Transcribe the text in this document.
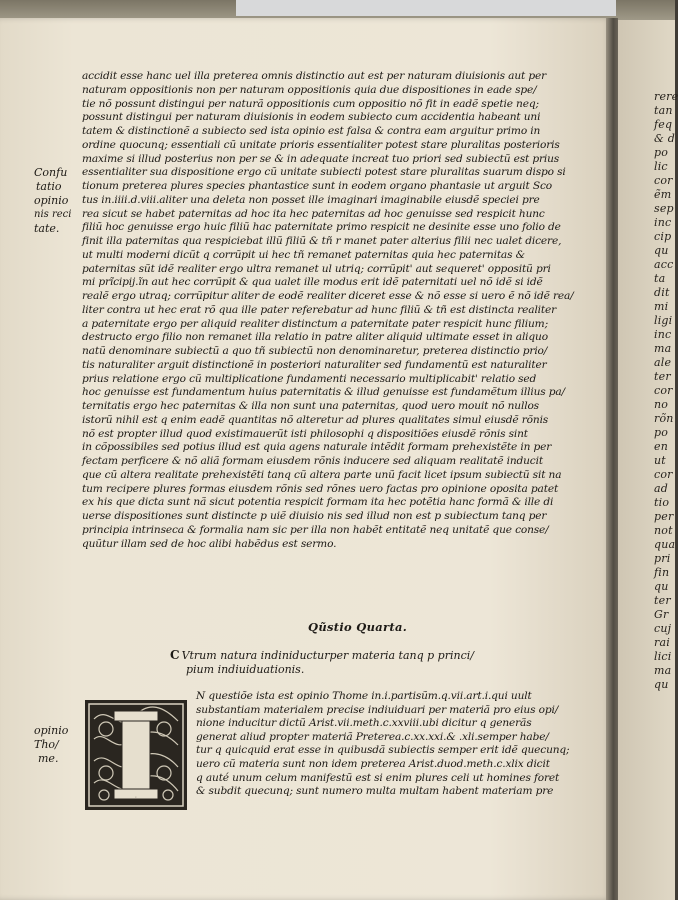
rere
tan
feq
& d
po
lic
cor
ẽm
sep
inc
cip
qu
acc
ta
dit
mi
ligi
inc
ma
ale
ter
cor
no
rõn
po
en
ut
cor
ad
tio
per
not
qua
pri
fin
qu
ter
Gr
cuj
rai
lici
ma
qu
accidit esse hanc uel illa preterea omnis distinctio aut est per naturam diuisionis aut per
naturam oppositionis non per naturam oppositionis quia due dispositiones in eade spe/
tie nõ possunt distingui per naturã oppositionis cum oppositio nõ fit in eadẽ spetie neq;
possunt distingui per naturam diuisionis in eodem subiecto cum accidentia habeant uni
tatem & distinctionẽ a subiecto sed ista opinio est falsa & contra eam arguitur primo in
ordine quocunq; essentiali cũ unitate prioris essentialiter potest stare pluralitas posterioris
maxime si illud posterius non per se & in adequate increat tuo priori sed subiectũ est prius
essentialiter sua dispositione ergo cũ unitate subiecti potest stare pluralitas suarum dispo si
tionum preterea plures species phantastice sunt in eodem organo phantasie ut arguit Sco
tus in.iiii.d.viii.aliter una deleta non posset ille imaginari imaginabile eiusdẽ speciei pre
rea sicut se habet paternitas ad hoc ita hec paternitas ad hoc genuisse sed respicit hunc
filiũ hoc genuisse ergo huic filiũ hac paternitate primo respicit ne desinite esse uno folio de
finit illa paternitas qua respiciebat illũ filiũ & tñ r manet pater alterius filii nec ualet dicere,
ut multi moderni dicũt q corrũpit ui hec tñ remanet paternitas quia hec paternitas &
paternitas sũt idẽ realiter ergo ultra remanet ul utriq; corrũpit' aut sequeret' oppositũ pri
mi prĩcipij.ĩn aut hec corrũpit & qua ualet ille modus erit idẽ paternitati uel nõ idẽ si idẽ
realẽ ergo utraq; corrũpitur aliter de eodẽ realiter diceret esse & nõ esse si uero ẽ nõ idẽ rea/
liter contra ut hec erat rõ qua ille pater referebatur ad hunc filiũ & tñ est distincta realiter
a paternitate ergo per aliquid realiter distinctum a paternitate pater respicit hunc filium;
destructo ergo filio non remanet illa relatio in patre aliter aliquid ultimate esset in aliquo
natũ denominare subiectũ a quo tñ subiectũ non denominaretur, preterea distinctio prio/
tis naturaliter arguit distinctionẽ in posteriori naturaliter sed fundamentũ est naturaliter
prius relatione ergo cũ multiplicatione fundamenti necessario multiplicabit' relatio sed
hoc genuisse est fundamentum huius paternitatis & illud genuisse est fundamẽtum illius pa/
ternitatis ergo hec paternitas & illa non sunt una paternitas, quod uero mouit nõ nullos
istorũ nihil est q enim eadẽ quantitas nõ alteretur ad plures qualitates simul eiusdẽ rõnis
nõ est propter illud quod existimauerũt isti philosophi q dispositiões eiusdẽ rõnis sint
in cõpossibiles sed potius illud est quia agens naturale intẽdit formam prehexistẽte in per
fectam perficere & nõ aliã formam eiusdem rõnis inducere sed aliquam realitatẽ inducit
que cũ altera realitate prehexistẽti tanq cũ altera parte unũ facit licet ipsum subiectũ sit na
tum recipere plures formas eiusdem rõnis sed rõnes uero factas pro opinione oposita patet
ex his que dicta sunt nã sicut potentia respicit formam ita hec potẽtia hanc formã & ille di
uerse dispositiones sunt distincte p uiẽ diuisio nis sed illud non est p subiectum tanq per
principia intrinseca & formalia nam sic per illa non habẽt entitatẽ neq unitatẽ que conse/
quũtur illam sed de hoc alibi habẽdus est sermo.
Confu
tatio
opinio
nis reci
tate.
Qũstio Quarta.
C Vtrum natura indiniducturper materia tanq p princi/
pium indiuiduationis.
I
N questiõe ista est opinio Thome in.i.partisũm.q.vii.art.i.qui uult
substantiam materialem precise indiuiduari per materiã pro eius opi/
nione inducitur dictũ Arist.vii.meth.c.xxviii.ubi dicitur q generãs
generat aliud propter materiã Preterea.c.xx.xxi.& .xli.semper habe/
tur q quicquid erat esse in quibusdã subiectis semper erit idẽ quecunq;
uero cũ materia sunt non idem preterea Arist.duod.meth.c.xlix dicit
q auté unum celum manifestũ est si enim plures celi ut homines foret
& subdit quecunq; sunt numero multa multam habent materiam pre
opinio
Tho/
me.
